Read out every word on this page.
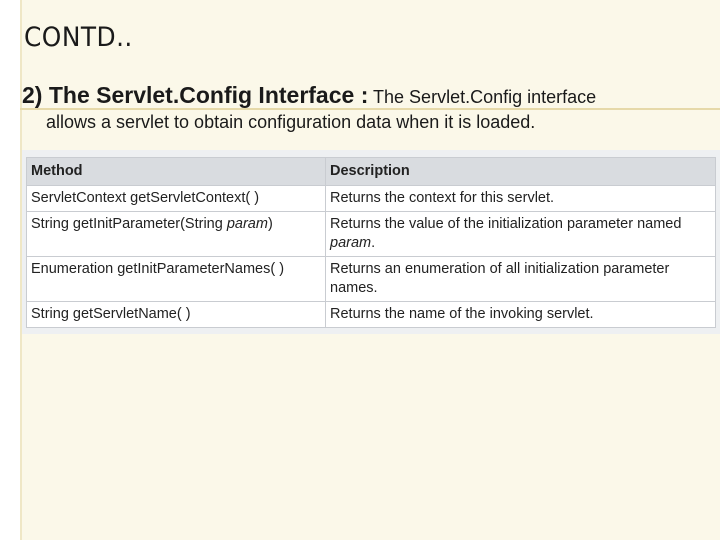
CONTD..
2) The Servlet.Config Interface : The Servlet.Config interface
allows a servlet to obtain configuration data when it is loaded.
Method	Description
ServletContext getServletContext( )	Returns the context for this servlet.
String getInitParameter(String param)	Returns the value of the initialization parameter named param.
Enumeration getInitParameterNames( )	Returns an enumeration of all initialization parameter names.
String getServletName( )	Returns the name of the invoking servlet.
